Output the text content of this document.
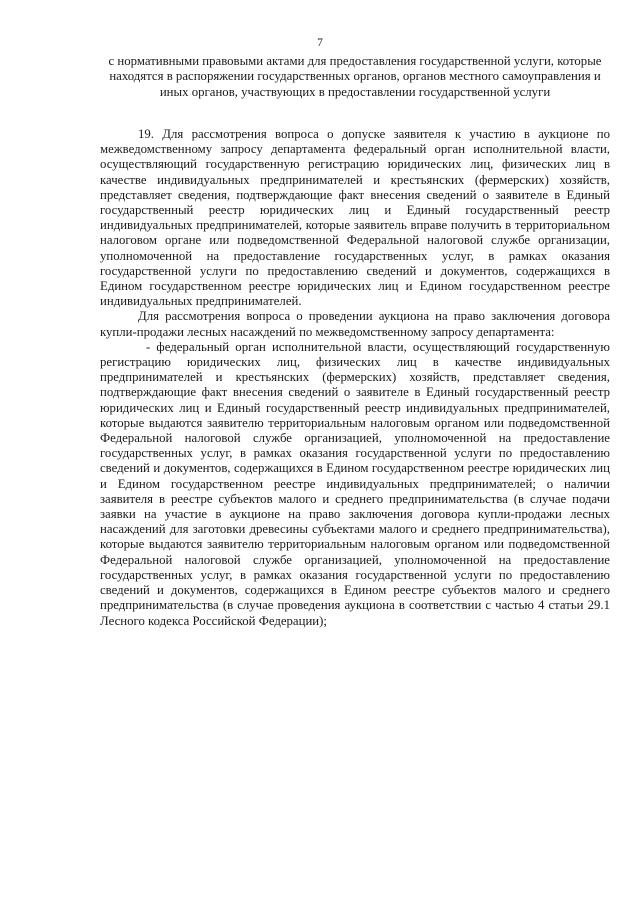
7
с нормативными правовыми актами для предоставления государственной услуги, которые находятся в распоряжении государственных органов, органов местного самоуправления и иных органов, участвующих в предоставлении государственной услуги

19. Для рассмотрения вопроса о допуске заявителя к участию в аукционе по межведомственному запросу департамента федеральный орган исполнительной власти, осуществляющий государственную регистрацию юридических лиц, физических лиц в качестве индивидуальных предпринимателей и крестьянских (фермерских) хозяйств, представляет сведения, подтверждающие факт внесения сведений о заявителе в Единый государственный реестр юридических лиц и Единый государственный реестр индивидуальных предпринимателей, которые заявитель вправе получить в территориальном налоговом органе или подведомственной Федеральной налоговой службе организации, уполномоченной на предоставление государственных услуг, в рамках оказания государственной услуги по предоставлению сведений и документов, содержащихся в Едином государственном реестре юридических лиц и Едином государственном реестре индивидуальных предпринимателей.

Для рассмотрения вопроса о проведении аукциона на право заключения договора купли-продажи лесных насаждений по межведомственному запросу департамента:

- федеральный орган исполнительной власти, осуществляющий государственную регистрацию юридических лиц, физических лиц в качестве индивидуальных предпринимателей и крестьянских (фермерских) хозяйств, представляет сведения, подтверждающие факт внесения сведений о заявителе в Единый государственный реестр юридических лиц и Единый государственный реестр индивидуальных предпринимателей, которые выдаются заявителю территориальным налоговым органом или подведомственной Федеральной налоговой службе организацией, уполномоченной на предоставление государственных услуг, в рамках оказания государственной услуги по предоставлению сведений и документов, содержащихся в Едином государственном реестре юридических лиц и Едином государственном реестре индивидуальных предпринимателей; о наличии заявителя в реестре субъектов малого и среднего предпринимательства (в случае подачи заявки на участие в аукционе на право заключения договора купли-продажи лесных насаждений для заготовки древесины субъектами малого и среднего предпринимательства), которые выдаются заявителю территориальным налоговым органом или подведомственной Федеральной налоговой службе организацией, уполномоченной на предоставление государственных услуг, в рамках оказания государственной услуги по предоставлению сведений и документов, содержащихся в Едином реестре субъектов малого и среднего предпринимательства (в случае проведения аукциона в соответствии с частью 4 статьи 29.1 Лесного кодекса Российской Федерации);
